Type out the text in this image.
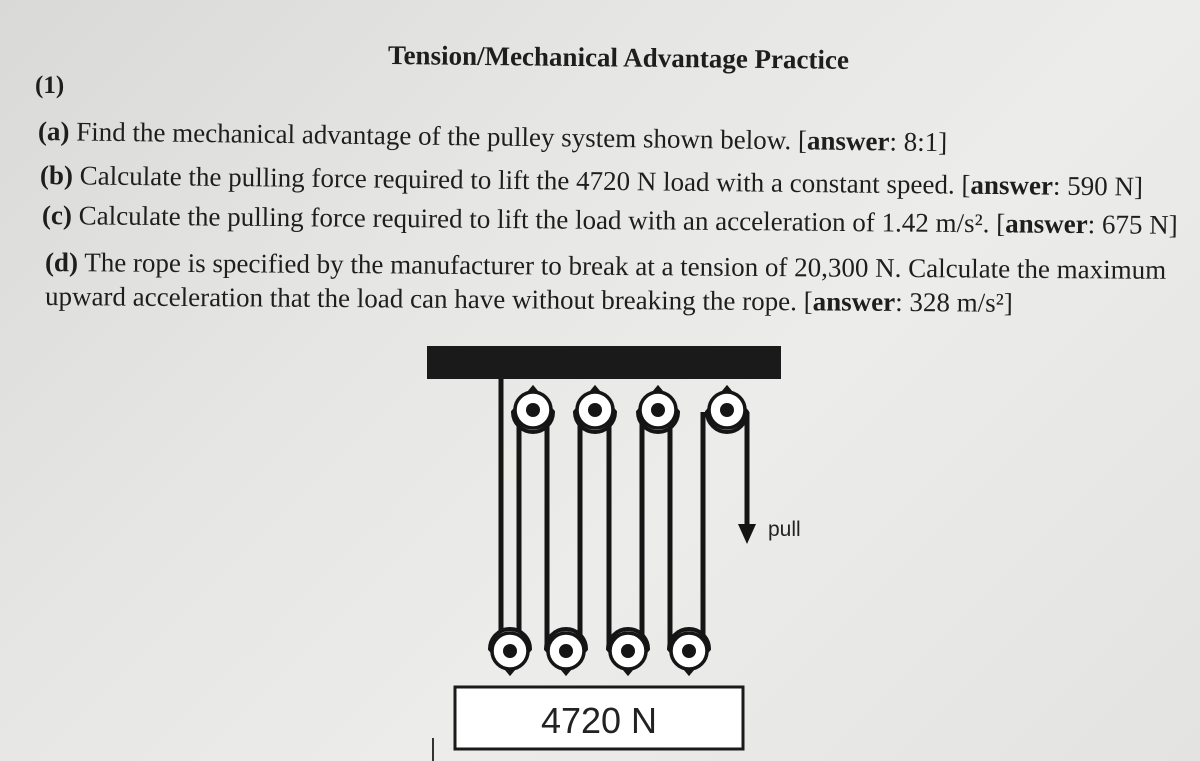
Tension/Mechanical Advantage Practice
(1)
(a) Find the mechanical advantage of the pulley system shown below. [answer: 8:1]
(b) Calculate the pulling force required to lift the 4720 N load with a constant speed. [answer: 590 N]
(c) Calculate the pulling force required to lift the load with an acceleration of 1.42 m/s². [answer: 675 N]
(d) The rope is specified by the manufacturer to break at a tension of 20,300 N. Calculate the maximum
upward acceleration that the load can have without breaking the rope. [answer: 328 m/s²]
pull
4720 N
